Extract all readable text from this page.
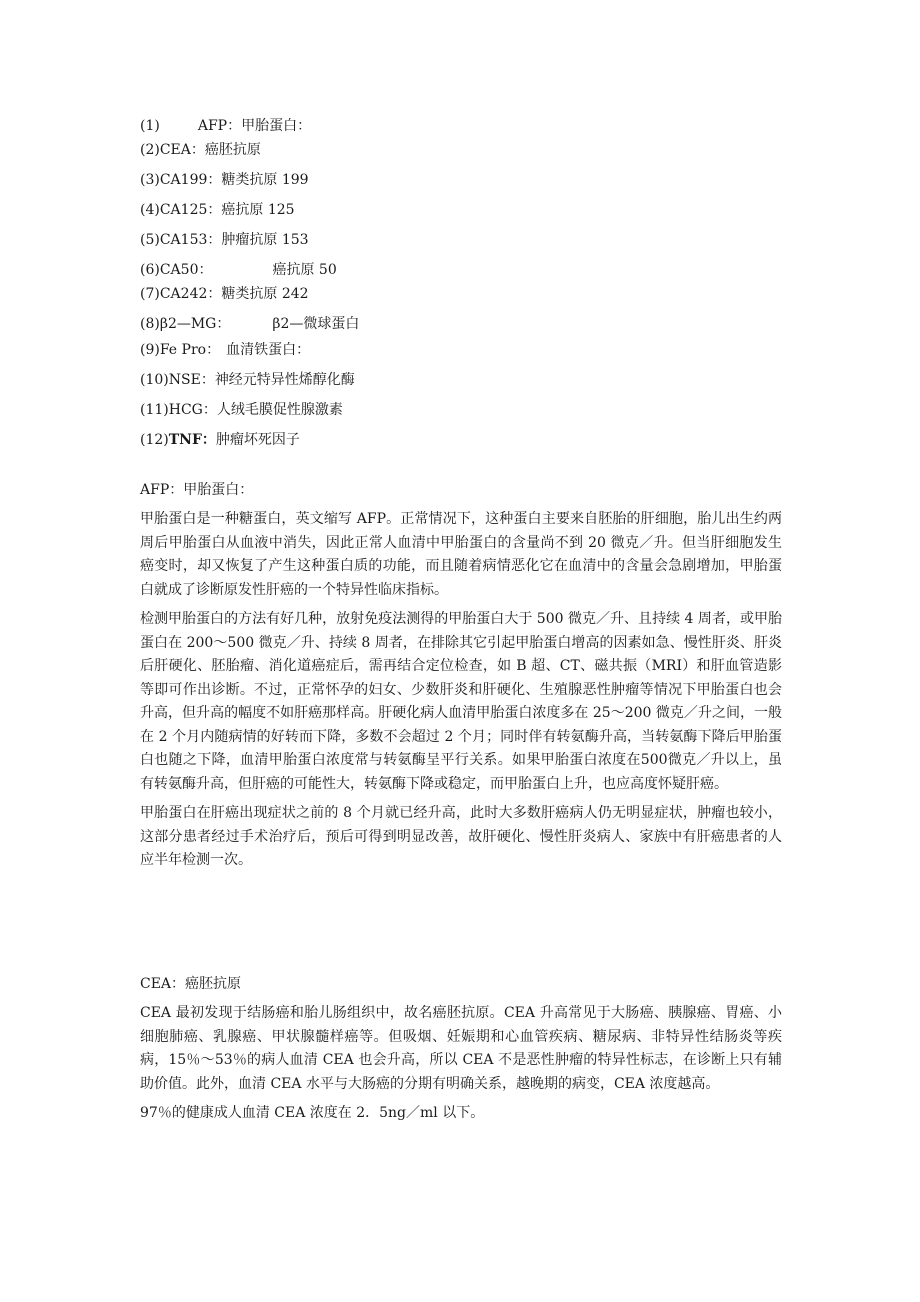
(1)	AFP：甲胎蛋白：
(2)CEA：癌胚抗原
(3)CA199：糖类抗原 199
(4)CA125：癌抗原 125
(5)CA153：肿瘤抗原 153
(6)CA50：	癌抗原 50
(7)CA242：糖类抗原 242
(8)β2—MG：	β2—微球蛋白
(9)Fe Pro： 血清铁蛋白：
(10)NSE：神经元特异性烯醇化酶
(11)HCG：人绒毛膜促性腺激素
(12)TNF：肿瘤坏死因子
AFP：甲胎蛋白：

甲胎蛋白是一种糖蛋白，英文缩写 AFP。正常情况下，这种蛋白主要来自胚胎的肝细胞，胎儿出生约两周后甲胎蛋白从血液中消失，因此正常人血清中甲胎蛋白的含量尚不到 20 微克／升。但当肝细胞发生癌变时，却又恢复了产生这种蛋白质的功能，而且随着病情恶化它在血清中的含量会急剧增加，甲胎蛋白就成了诊断原发性肝癌的一个特异性临床指标。

检测甲胎蛋白的方法有好几种，放射免疫法测得的甲胎蛋白大于 500 微克／升、且持续 4 周者，或甲胎蛋白在 200～500 微克／升、持续 8 周者，在排除其它引起甲胎蛋白增高的因素如急、慢性肝炎、肝炎后肝硬化、胚胎瘤、消化道癌症后，需再结合定位检查，如 B 超、CT、磁共振（MRI）和肝血管造影等即可作出诊断。不过，正常怀孕的妇女、少数肝炎和肝硬化、生殖腺恶性肿瘤等情况下甲胎蛋白也会升高，但升高的幅度不如肝癌那样高。肝硬化病人血清甲胎蛋白浓度多在 25～200 微克／升之间，一般在 2 个月内随病情的好转而下降，多数不会超过 2 个月；同时伴有转氨酶升高，当转氨酶下降后甲胎蛋白也随之下降，血清甲胎蛋白浓度常与转氨酶呈平行关系。如果甲胎蛋白浓度在500微克／升以上，虽有转氨酶升高，但肝癌的可能性大，转氨酶下降或稳定，而甲胎蛋白上升，也应高度怀疑肝癌。

甲胎蛋白在肝癌出现症状之前的 8 个月就已经升高，此时大多数肝癌病人仍无明显症状，肿瘤也较小，这部分患者经过手术治疗后，预后可得到明显改善，故肝硬化、慢性肝炎病人、家族中有肝癌患者的人应半年检测一次。

CEA：癌胚抗原

CEA 最初发现于结肠癌和胎儿肠组织中，故名癌胚抗原。CEA 升高常见于大肠癌、胰腺癌、胃癌、小细胞肺癌、乳腺癌、甲状腺髓样癌等。但吸烟、妊娠期和心血管疾病、糖尿病、非特异性结肠炎等疾病，15％～53％的病人血清 CEA 也会升高，所以 CEA 不是恶性肿瘤的特异性标志，在诊断上只有辅助价值。此外，血清 CEA 水平与大肠癌的分期有明确关系，越晚期的病变，CEA 浓度越高。

97％的健康成人血清 CEA 浓度在 2．5ng／ml 以下。
